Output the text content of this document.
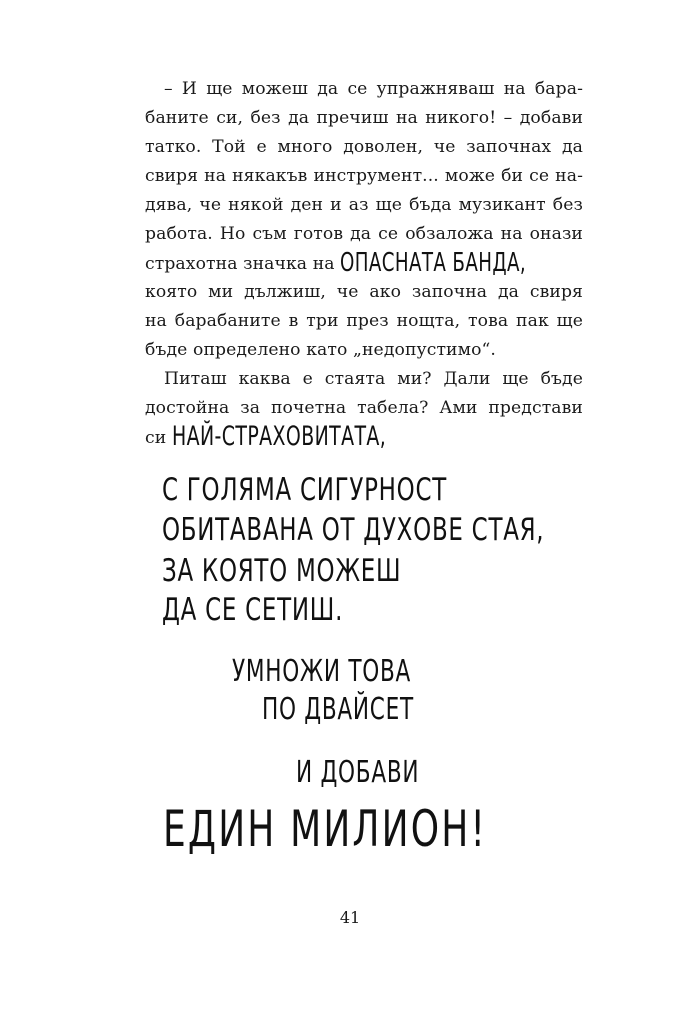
– И ще можеш да се упражняваш на бара-
баните си, без да пречиш на никого! – добави
татко. Той е много доволен, че започнах да
свиря на някакъв инструмент... може би се на-
дява, че някой ден и аз ще бъда музикант без
работа. Но съм готов да се обзаложа на онази
страхотна значка на ОПАСНАТА БАНДА,
която ми дължиш, че ако започна да свиря
на барабаните в три през нощта, това пак ще
бъде определено като „недопустимо“.
Питаш каква е стаята ми? Дали ще бъде
достойна за почетна табела? Ами представи
си НАЙ-СТРАХОВИТАТА,
С ГОЛЯМА СИГУРНОСТ
ОБИТАВАНА ОТ ДУХОВЕ СТАЯ,
ЗА КОЯТО МОЖЕШ
ДА СЕ СЕТИШ.
УМНОЖИ ТОВА
ПО ДВАЙСЕТ
И ДОБАВИ
ЕДИН МИЛИОН!
41
